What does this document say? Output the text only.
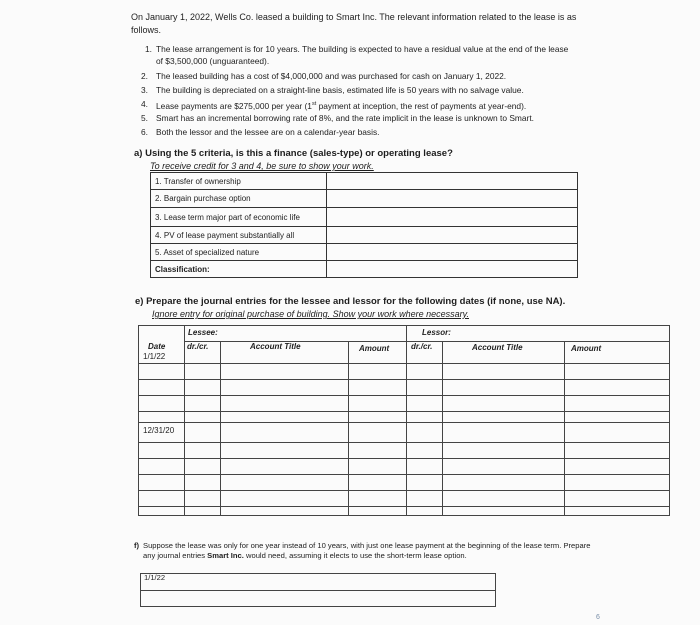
On January 1, 2022, Wells Co. leased a building to Smart Inc. The relevant information related to the lease is as follows.
1. The lease arrangement is for 10 years. The building is expected to have a residual value at the end of the lease
of $3,500,000 (unguaranteed).
2. The leased building has a cost of $4,000,000 and was purchased for cash on January 1, 2022.
3. The building is depreciated on a straight-line basis, estimated life is 50 years with no salvage value.
4. Lease payments are $275,000 per year (1st payment at inception, the rest of payments at year-end).
5. Smart has an incremental borrowing rate of 8%, and the rate implicit in the lease is unknown to Smart.
6. Both the lessor and the lessee are on a calendar-year basis.
a) Using the 5 criteria, is this a finance (sales-type) or operating lease?
To receive credit for 3 and 4, be sure to show your work.
1. Transfer of ownership	
2. Bargain purchase option	
3. Lease term major part of economic life	
4. PV of lease payment substantially all	
5. Asset of specialized nature	
Classification:	
e) Prepare the journal entries for the lessee and lessor for the following dates (if none, use NA).
Ignore entry for original purchase of building. Show your work where necessary.
Lessee:	Lessor:
Date	dr./cr.	Account Title	Amount	dr./cr.	Account Title	Amount
1/1/22
12/31/20
f) Suppose the lease was only for one year instead of 10 years, with just one lease payment at the beginning of the lease term. Prepare any journal entries Smart Inc. would need, assuming it elects to use the short-term lease option.
1/1/22
6
